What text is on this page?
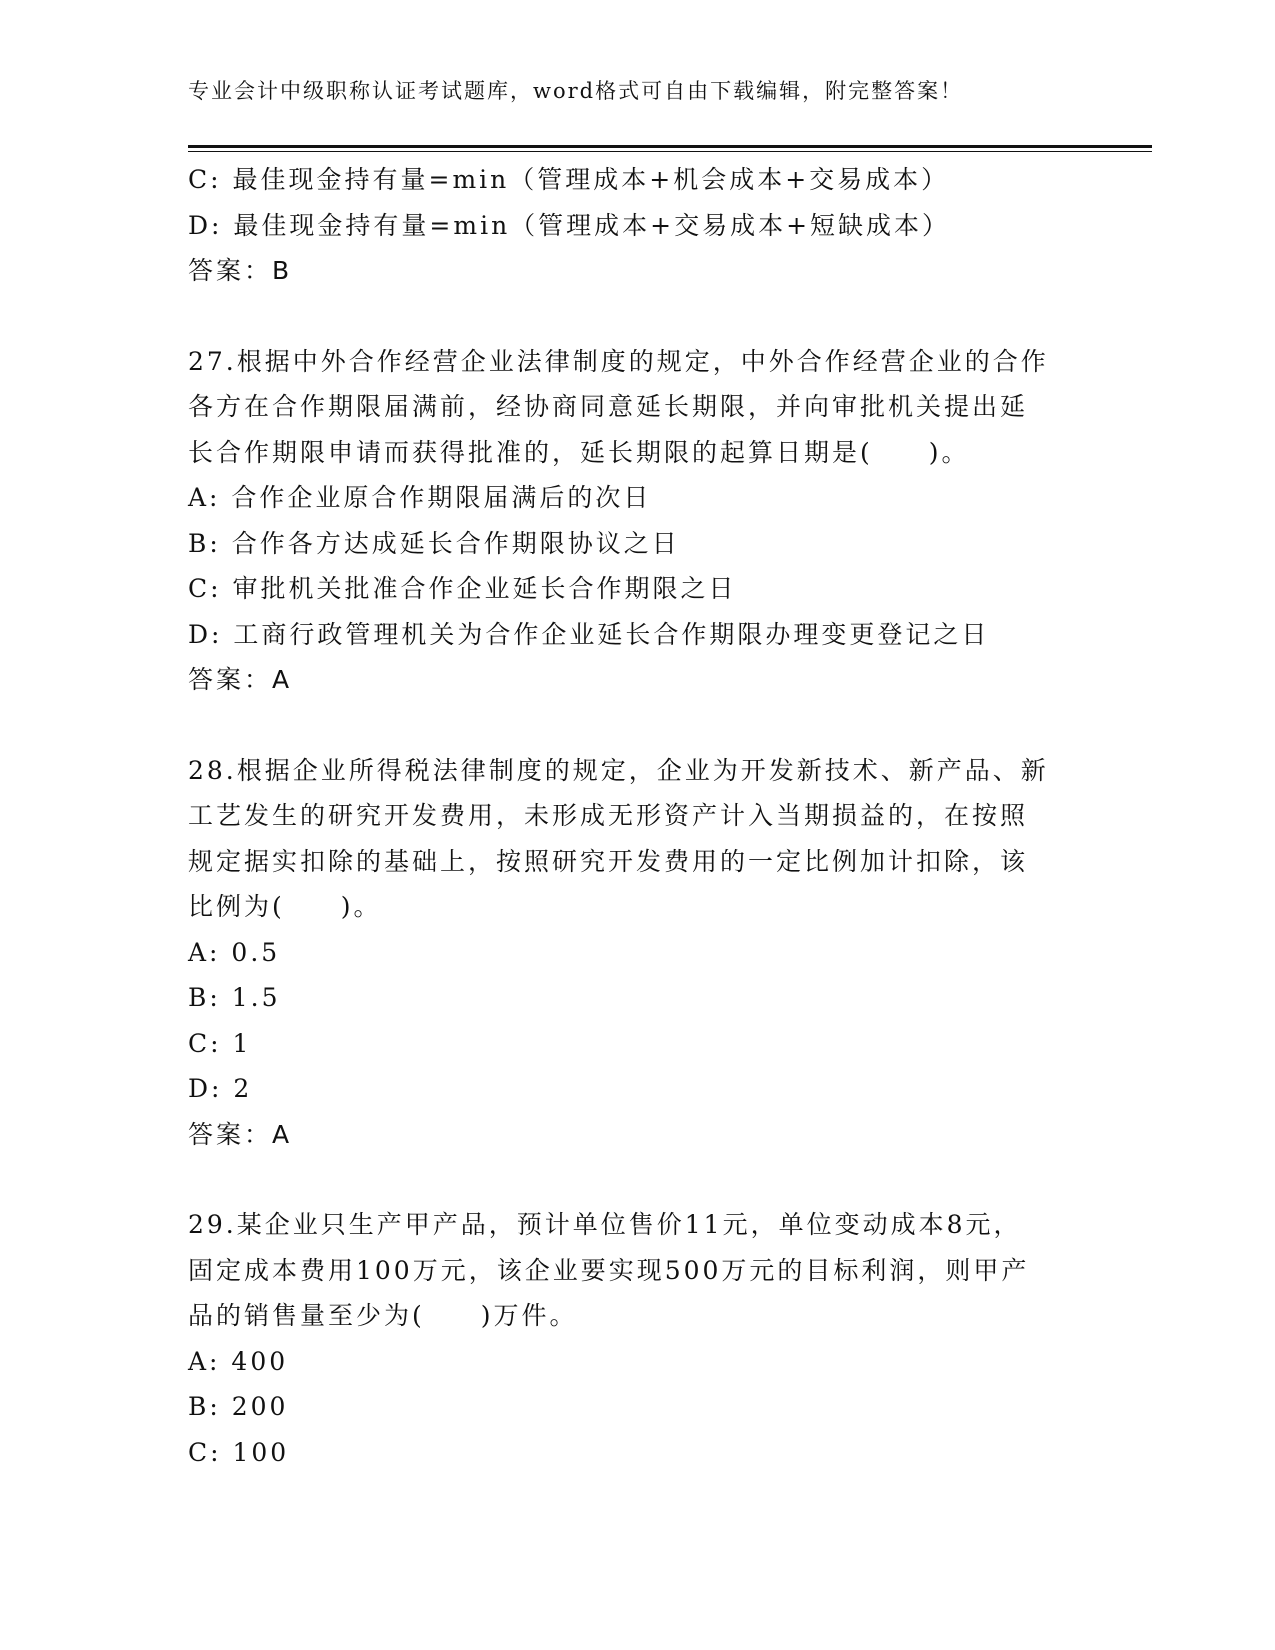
专业会计中级职称认证考试题库，word格式可自由下载编辑，附完整答案！
C: 最佳现金持有量=min（管理成本+机会成本+交易成本）
D: 最佳现金持有量=min（管理成本+交易成本+短缺成本）
答案：B
27.根据中外合作经营企业法律制度的规定，中外合作经营企业的合作
各方在合作期限届满前，经协商同意延长期限，并向审批机关提出延
长合作期限申请而获得批准的，延长期限的起算日期是(　　)。
A: 合作企业原合作期限届满后的次日
B: 合作各方达成延长合作期限协议之日
C: 审批机关批准合作企业延长合作期限之日
D: 工商行政管理机关为合作企业延长合作期限办理变更登记之日
答案：A
28.根据企业所得税法律制度的规定，企业为开发新技术、新产品、新
工艺发生的研究开发费用，未形成无形资产计入当期损益的，在按照
规定据实扣除的基础上，按照研究开发费用的一定比例加计扣除，该
比例为(　　)。
A: 0.5
B: 1.5
C: 1
D: 2
答案：A
29.某企业只生产甲产品，预计单位售价11元，单位变动成本8元，
固定成本费用100万元，该企业要实现500万元的目标利润，则甲产
品的销售量至少为(　　)万件。
A: 400
B: 200
C: 100
